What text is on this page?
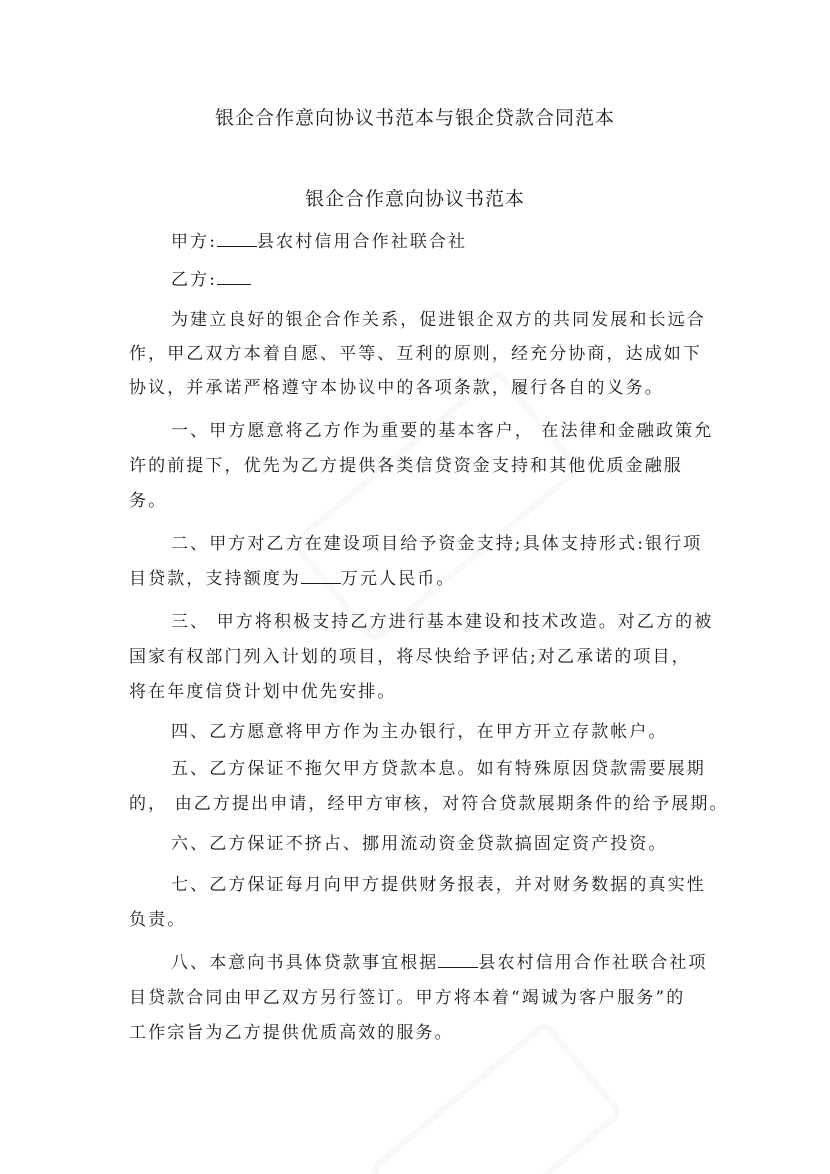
银企合作意向协议书范本与银企贷款合同范本
银企合作意向协议书范本
甲方: 县农村信用合作社联合社
乙方:
为建立良好的银企合作关系，促进银企双方的共同发展和长远合
作，甲乙双方本着自愿、平等、互利的原则，经充分协商，达成如下
协议，并承诺严格遵守本协议中的各项条款，履行各自的义务。
一、甲方愿意将乙方作为重要的基本客户， 在法律和金融政策允
许的前提下，优先为乙方提供各类信贷资金支持和其他优质金融服
务。
二、甲方对乙方在建设项目给予资金支持;具体支持形式:银行项
目贷款，支持额度为 万元人民币。
三、 甲方将积极支持乙方进行基本建设和技术改造。对乙方的被
国家有权部门列入计划的项目，将尽快给予评估;对乙承诺的项目，
将在年度信贷计划中优先安排。
四、乙方愿意将甲方作为主办银行，在甲方开立存款帐户。
五、乙方保证不拖欠甲方贷款本息。如有特殊原因贷款需要展期
的， 由乙方提出申请，经甲方审核，对符合贷款展期条件的给予展期。
六、乙方保证不挤占、挪用流动资金贷款搞固定资产投资。
七、乙方保证每月向甲方提供财务报表，并对财务数据的真实性
负责。
八、本意向书具体贷款事宜根据 县农村信用合作社联合社项
目贷款合同由甲乙双方另行签订。甲方将本着“竭诚为客户服务”的
工作宗旨为乙方提供优质高效的服务。
